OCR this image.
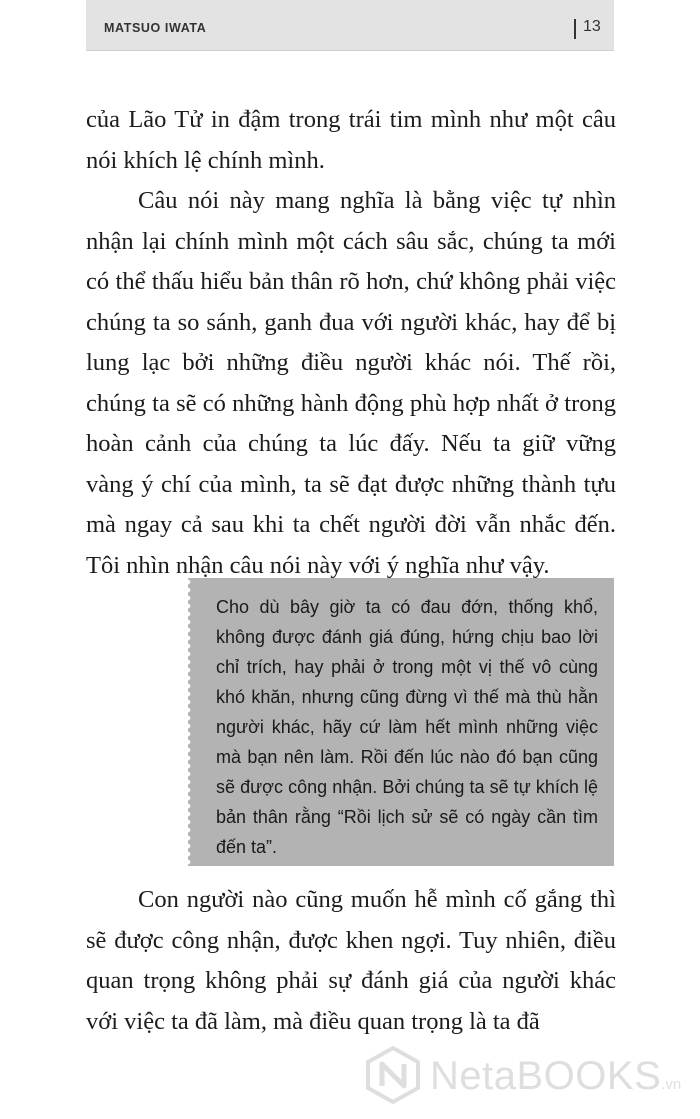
MATSUO IWATA	13

của Lão Tử in đậm trong trái tim mình như một câu nói khích lệ chính mình.

Câu nói này mang nghĩa là bằng việc tự nhìn nhận lại chính mình một cách sâu sắc, chúng ta mới có thể thấu hiểu bản thân rõ hơn, chứ không phải việc chúng ta so sánh, ganh đua với người khác, hay để bị lung lạc bởi những điều người khác nói. Thế rồi, chúng ta sẽ có những hành động phù hợp nhất ở trong hoàn cảnh của chúng ta lúc đấy. Nếu ta giữ vững vàng ý chí của mình, ta sẽ đạt được những thành tựu mà ngay cả sau khi ta chết người đời vẫn nhắc đến. Tôi nhìn nhận câu nói này với ý nghĩa như vậy.

Cho dù bây giờ ta có đau đớn, thống khổ, không được đánh giá đúng, hứng chịu bao lời chỉ trích, hay phải ở trong một vị thế vô cùng khó khăn, nhưng cũng đừng vì thế mà thù hằn người khác, hãy cứ làm hết mình những việc mà bạn nên làm. Rồi đến lúc nào đó bạn cũng sẽ được công nhận. Bởi chúng ta sẽ tự khích lệ bản thân rằng “Rồi lịch sử sẽ có ngày cần tìm đến ta”.

Con người nào cũng muốn hễ mình cố gắng thì sẽ được công nhận, được khen ngợi. Tuy nhiên, điều quan trọng không phải sự đánh giá của người khác với việc ta đã làm, mà điều quan trọng là ta đã

NetaBOOKS.vn
